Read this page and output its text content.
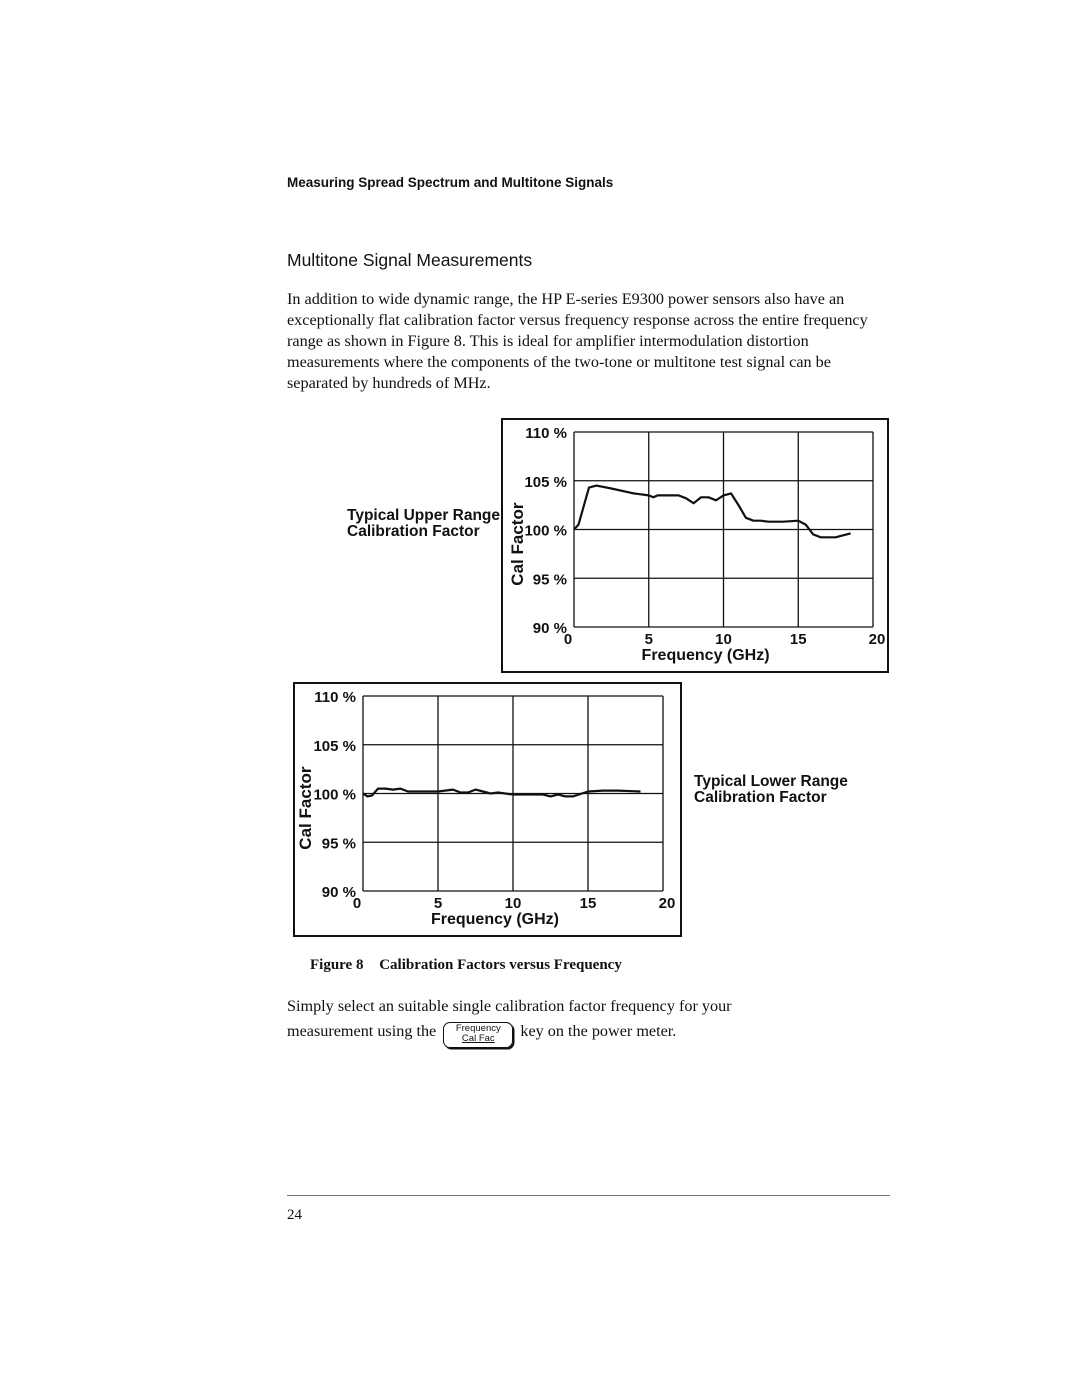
Measuring Spread Spectrum and Multitone Signals
Multitone Signal Measurements
In addition to wide dynamic range, the HP E-series E9300 power sensors also have an exceptionally flat calibration factor versus frequency response across the entire frequency range as shown in Figure 8. This is ideal for amplifier intermodulation distortion measurements where the components of the two-tone or multitone test signal can be separated by hundreds of MHz.
Typical Upper Range
Calibration Factor
110 %
105 %
100 %
95 %
90 %
0	5	10	15	20
Frequency (GHz)
Cal Factor
110 %
105 %
100 %
95 %
90 %
0	5	10	15	20
Frequency (GHz)
Cal Factor	Typical Lower Range
Calibration Factor
Figure 8 Calibration Factors versus Frequency
Simply select an suitable single calibration factor frequency for your
measurement using the	Frequency
Cal Fac	key on the power meter.
24
